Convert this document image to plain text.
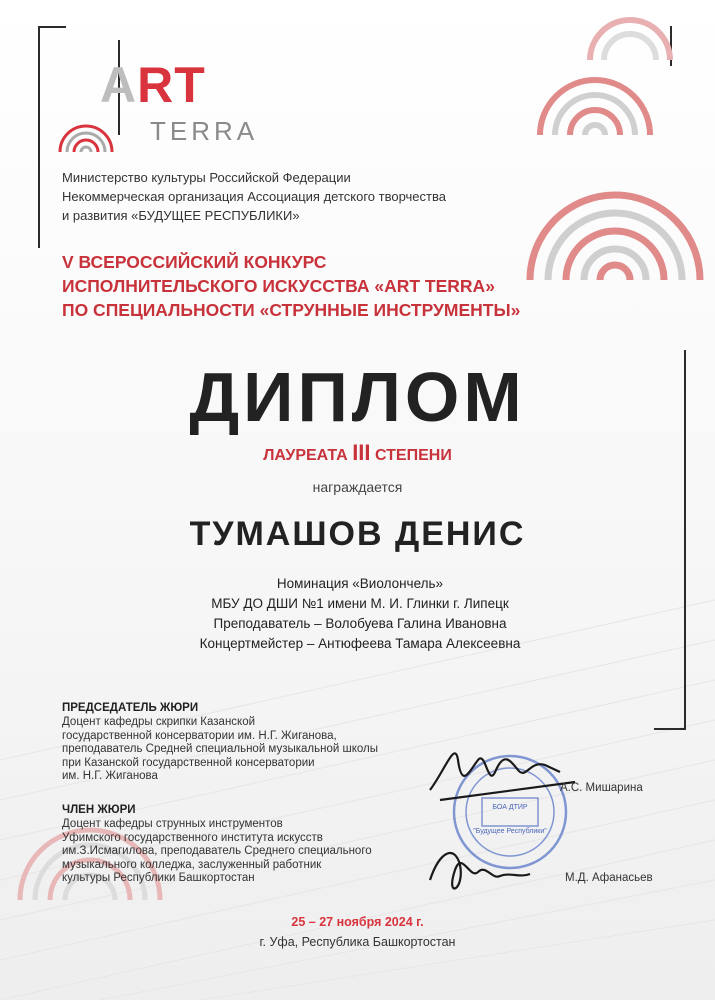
ART
TERRA
Министерство культуры Российской Федерации
Некоммерческая организация Ассоциация детского творчества
и развития «БУДУЩЕЕ РЕСПУБЛИКИ»
V ВСЕРОССИЙСКИЙ КОНКУРС
ИСПОЛНИТЕЛЬСКОГО ИСКУССТВА «ART TERRA»
ПО СПЕЦИАЛЬНОСТИ «СТРУННЫЕ ИНСТРУМЕНТЫ»
ДИПЛОМ
ЛАУРЕАТА III СТЕПЕНИ
награждается
ТУМАШОВ ДЕНИС
Номинация «Виолончель»
МБУ ДО ДШИ №1 имени М. И. Глинки г. Липецк
Преподаватель – Волобуева Галина Ивановна
Концертмейстер – Антюфеева Тамара Алексеевна
ПРЕДСЕДАТЕЛЬ ЖЮРИ
Доцент кафедры скрипки Казанской
государственной консерватории им. Н.Г. Жиганова,
преподаватель Средней специальной музыкальной школы
при Казанской государственной консерватории
им. Н.Г. Жиганова
А.С. Мишарина
ЧЛЕН ЖЮРИ
Доцент кафедры струнных инструментов
Уфимского государственного института искусств
им.З.Исмагилова, преподаватель Среднего специального
музыкального колледжа, заслуженный работник
культуры Республики Башкортостан	М.Д. Афанасьев
БОА ДТИР
"Будущее Республики"
25 – 27 ноября 2024 г.
г. Уфа, Республика Башкортостан
